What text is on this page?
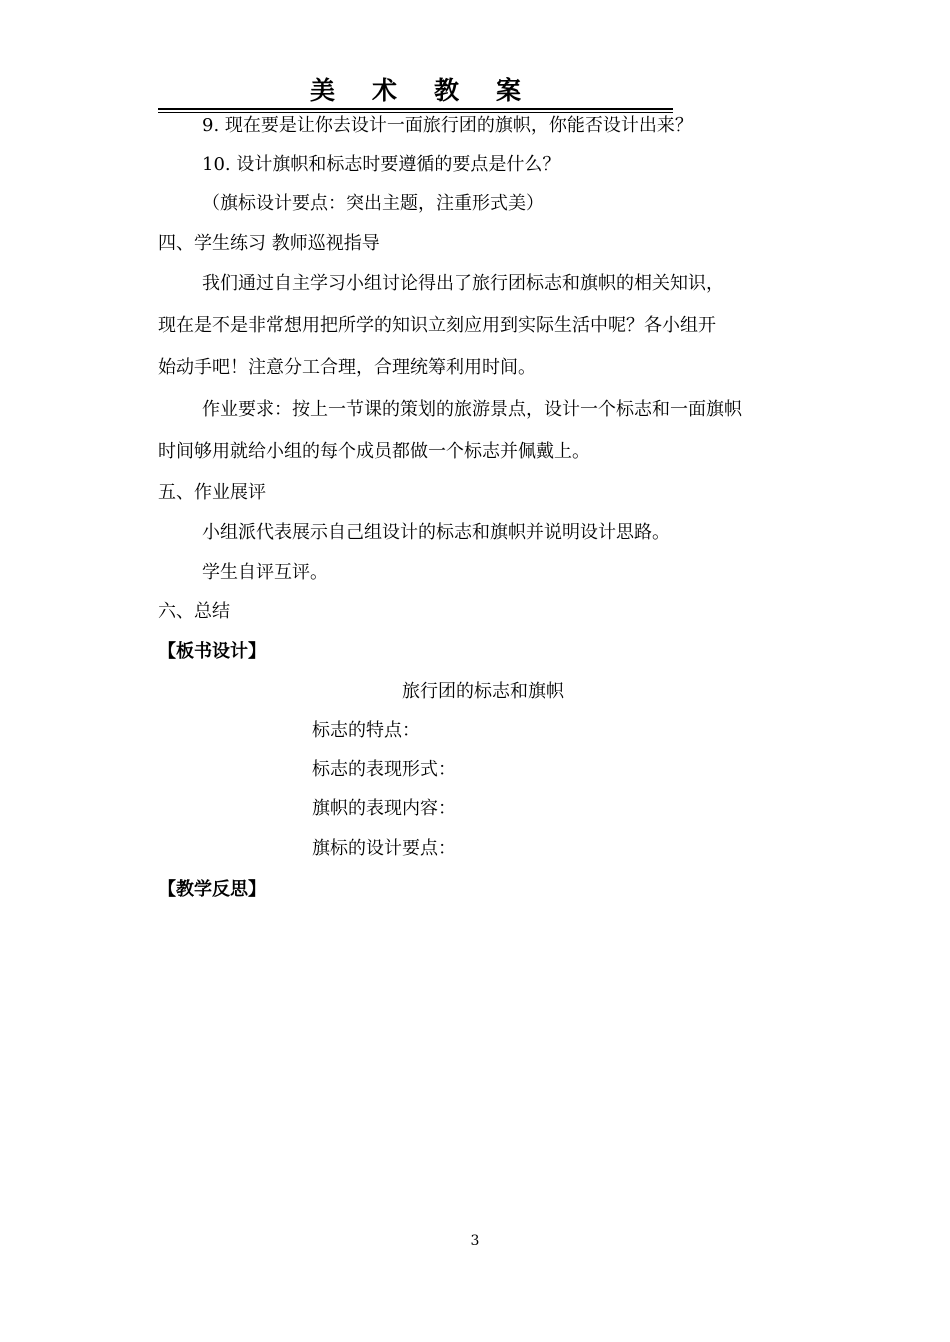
美术教案
9. 现在要是让你去设计一面旅行团的旗帜，你能否设计出来？
10. 设计旗帜和标志时要遵循的要点是什么？
（旗标设计要点：突出主题，注重形式美）
四、学生练习 教师巡视指导
我们通过自主学习小组讨论得出了旅行团标志和旗帜的相关知识，
现在是不是非常想用把所学的知识立刻应用到实际生活中呢？各小组开
始动手吧！注意分工合理，合理统筹利用时间。
作业要求：按上一节课的策划的旅游景点，设计一个标志和一面旗帜
时间够用就给小组的每个成员都做一个标志并佩戴上。
五、作业展评
小组派代表展示自己组设计的标志和旗帜并说明设计思路。
学生自评互评。
六、总结
【板书设计】
旅行团的标志和旗帜
标志的特点：
标志的表现形式：
旗帜的表现内容：
旗标的设计要点：
【教学反思】
3
